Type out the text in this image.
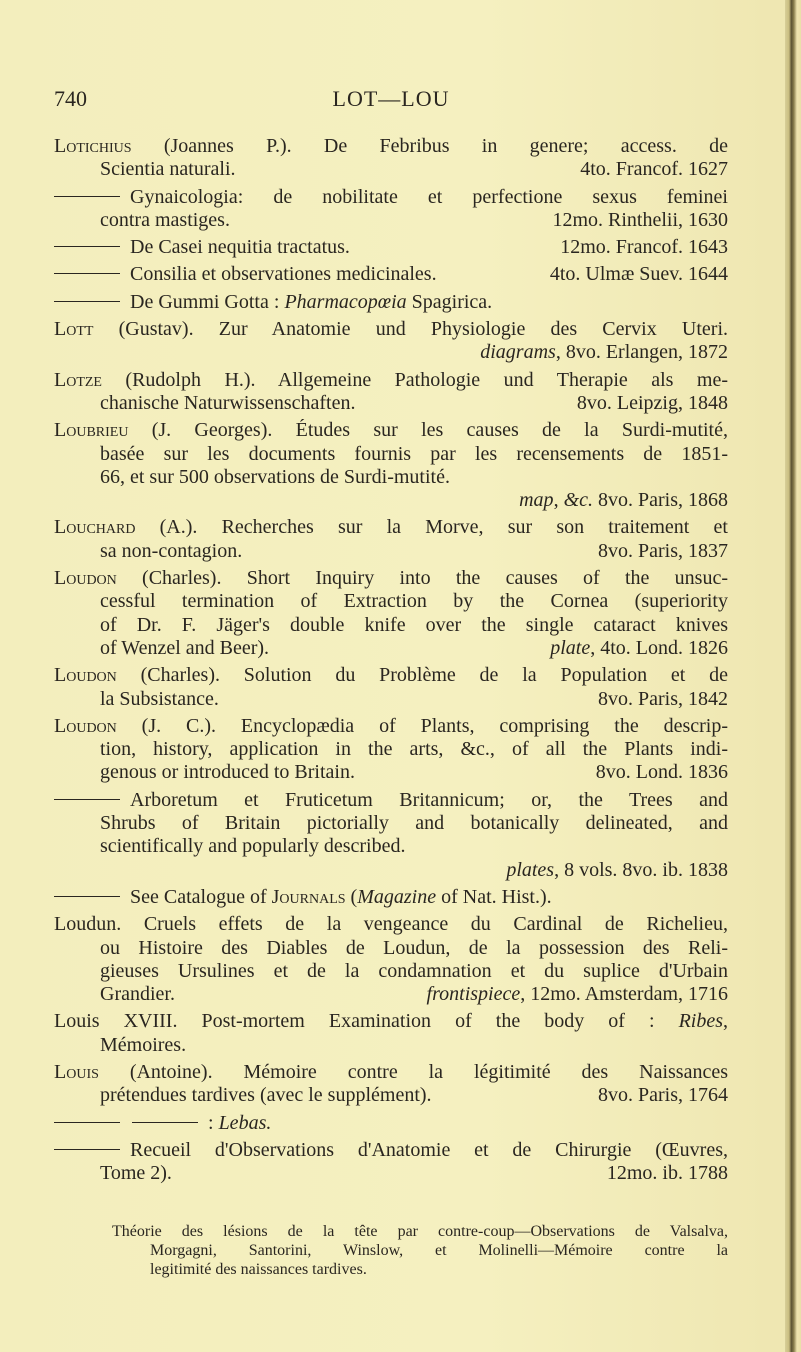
740	LOT—LOU
Lotichius (Joannes P.). De Febribus in genere; access. de
Scientia naturali.	4to. Francof. 1627
Gynaicologia: de nobilitate et perfectione sexus feminei
contra mastiges.	12mo. Rinthelii, 1630
De Casei nequitia tractatus.	12mo. Francof. 1643
Consilia et observationes medicinales.	4to. Ulmæ Suev. 1644
De Gummi Gotta : Pharmacopœia Spagirica.
Lott (Gustav). Zur Anatomie und Physiologie des Cervix Uteri.
diagrams, 8vo. Erlangen, 1872
Lotze (Rudolph H.). Allgemeine Pathologie und Therapie als me-
chanische Naturwissenschaften.	8vo. Leipzig, 1848
Loubrieu (J. Georges). Études sur les causes de la Surdi-mutité,
basée sur les documents fournis par les recensements de 1851-
66, et sur 500 observations de Surdi-mutité.
map, &c. 8vo. Paris, 1868
Louchard (A.). Recherches sur la Morve, sur son traitement et
sa non-contagion.	8vo. Paris, 1837
Loudon (Charles). Short Inquiry into the causes of the unsuc-
cessful termination of Extraction by the Cornea (superiority
of Dr. F. Jäger's double knife over the single cataract knives
of Wenzel and Beer).	plate, 4to. Lond. 1826
Loudon (Charles). Solution du Problème de la Population et de
la Subsistance.	8vo. Paris, 1842
Loudon (J. C.). Encyclopædia of Plants, comprising the descrip-
tion, history, application in the arts, &c., of all the Plants indi-
genous or introduced to Britain.	8vo. Lond. 1836
Arboretum et Fruticetum Britannicum; or, the Trees and
Shrubs of Britain pictorially and botanically delineated, and
scientifically and popularly described.
plates, 8 vols. 8vo. ib. 1838
See Catalogue of Journals (Magazine of Nat. Hist.).
Loudun. Cruels effets de la vengeance du Cardinal de Richelieu,
ou Histoire des Diables de Loudun, de la possession des Reli-
gieuses Ursulines et de la condamnation et du suplice d'Urbain
Grandier.	frontispiece, 12mo. Amsterdam, 1716
Louis XVIII. Post-mortem Examination of the body of : Ribes,
Mémoires.
Louis (Antoine). Mémoire contre la légitimité des Naissances
prétendues tardives (avec le supplément).	8vo. Paris, 1764
: Lebas.
Recueil d'Observations d'Anatomie et de Chirurgie (Œuvres,
Tome 2).	12mo. ib. 1788
Théorie des lésions de la tête par contre-coup—Observations de Valsalva,
Morgagni, Santorini, Winslow, et Molinelli—Mémoire contre la
legitimité des naissances tardives.
